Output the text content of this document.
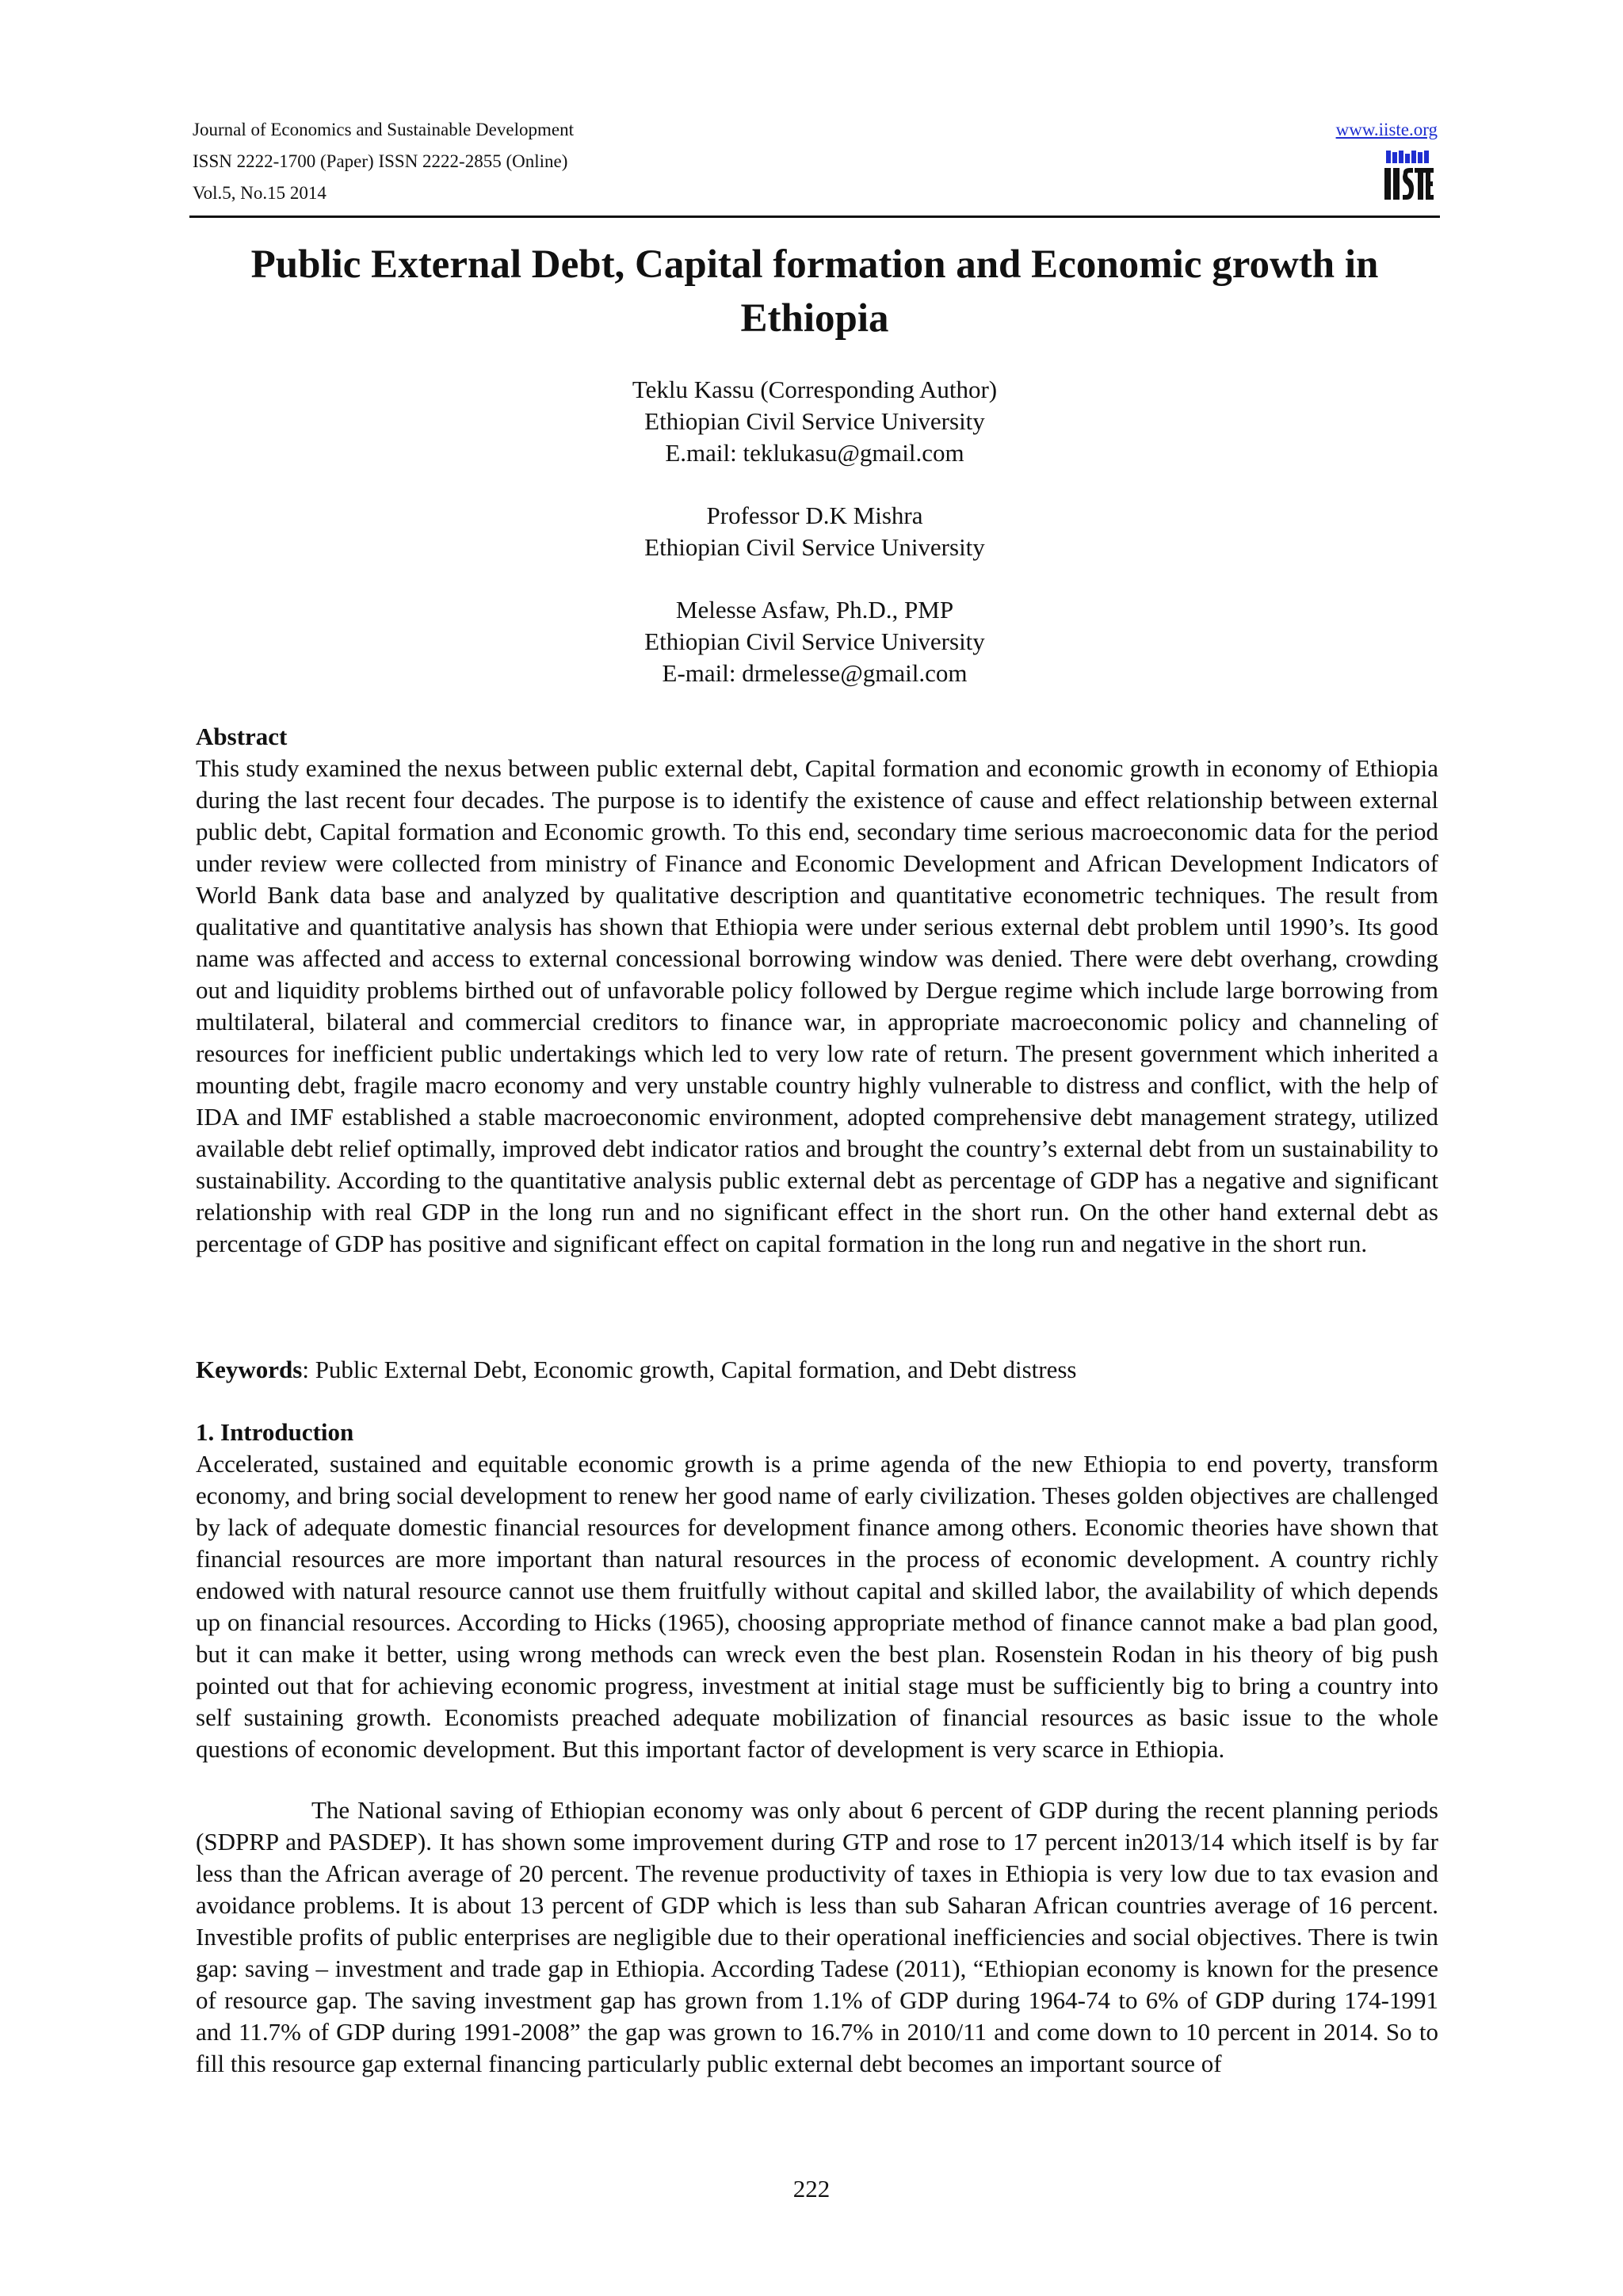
Journal of Economics and Sustainable Development
ISSN 2222-1700 (Paper) ISSN 2222-2855 (Online)
Vol.5, No.15 2014
www.iiste.org
Public External Debt, Capital formation and Economic growth in Ethiopia
Teklu Kassu (Corresponding Author)
Ethiopian Civil Service University
E.mail: teklukasu@gmail.com
Professor D.K Mishra
Ethiopian Civil Service University
Melesse Asfaw, Ph.D., PMP
Ethiopian Civil Service University
E-mail: drmelesse@gmail.com
Abstract

This study examined the nexus between public external debt, Capital formation and economic growth in economy of Ethiopia during the last recent four decades. The purpose is to identify the existence of cause and effect relationship between external public debt, Capital formation and Economic growth. To this end, secondary time serious macroeconomic data for the period under review were collected from ministry of Finance and Economic Development and African Development Indicators of World Bank data base and analyzed by qualitative description and quantitative econometric techniques. The result from qualitative and quantitative analysis has shown that Ethiopia were under serious external debt problem until 1990’s. Its good name was affected and access to external concessional borrowing window was denied. There were debt overhang, crowding out and liquidity problems birthed out of unfavorable policy followed by Dergue regime which include large borrowing from multilateral, bilateral and commercial creditors to finance war, in appropriate macroeconomic policy and channeling of resources for inefficient public undertakings which led to very low rate of return. The present government which inherited a mounting debt, fragile macro economy and very unstable country highly vulnerable to distress and conflict, with the help of IDA and IMF established a stable macroeconomic environment, adopted comprehensive debt management strategy, utilized available debt relief optimally, improved debt indicator ratios and brought the country’s external debt from un sustainability to sustainability. According to the quantitative analysis public external debt as percentage of GDP has a negative and significant relationship with real GDP in the long run and no significant effect in the short run. On the other hand external debt as percentage of GDP has positive and significant effect on capital formation in the long run and negative in the short run.

Keywords: Public External Debt, Economic growth, Capital formation, and Debt distress
1. Introduction

Accelerated, sustained and equitable economic growth is a prime agenda of the new Ethiopia to end poverty, transform economy, and bring social development to renew her good name of early civilization. Theses golden objectives are challenged by lack of adequate domestic financial resources for development finance among others. Economic theories have shown that financial resources are more important than natural resources in the process of economic development. A country richly endowed with natural resource cannot use them fruitfully without capital and skilled labor, the availability of which depends up on financial resources. According to Hicks (1965), choosing appropriate method of finance cannot make a bad plan good, but it can make it better, using wrong methods can wreck even the best plan. Rosenstein Rodan in his theory of big push pointed out that for achieving economic progress, investment at initial stage must be sufficiently big to bring a country into self sustaining growth. Economists preached adequate mobilization of financial resources as basic issue to the whole questions of economic development. But this important factor of development is very scarce in Ethiopia.

The National saving of Ethiopian economy was only about 6 percent of GDP during the recent planning periods (SDPRP and PASDEP). It has shown some improvement during GTP and rose to 17 percent in2013/14 which itself is by far less than the African average of 20 percent. The revenue productivity of taxes in Ethiopia is very low due to tax evasion and avoidance problems. It is about 13 percent of GDP which is less than sub Saharan African countries average of 16 percent. Investible profits of public enterprises are negligible due to their operational inefficiencies and social objectives. There is twin gap: saving – investment and trade gap in Ethiopia. According Tadese (2011), “Ethiopian economy is known for the presence of resource gap. The saving investment gap has grown from 1.1% of GDP during 1964-74 to 6% of GDP during 174-1991 and 11.7% of GDP during 1991-2008” the gap was grown to 16.7% in 2010/11 and come down to 10 percent in 2014. So to fill this resource gap external financing particularly public external debt becomes an important source of

222
